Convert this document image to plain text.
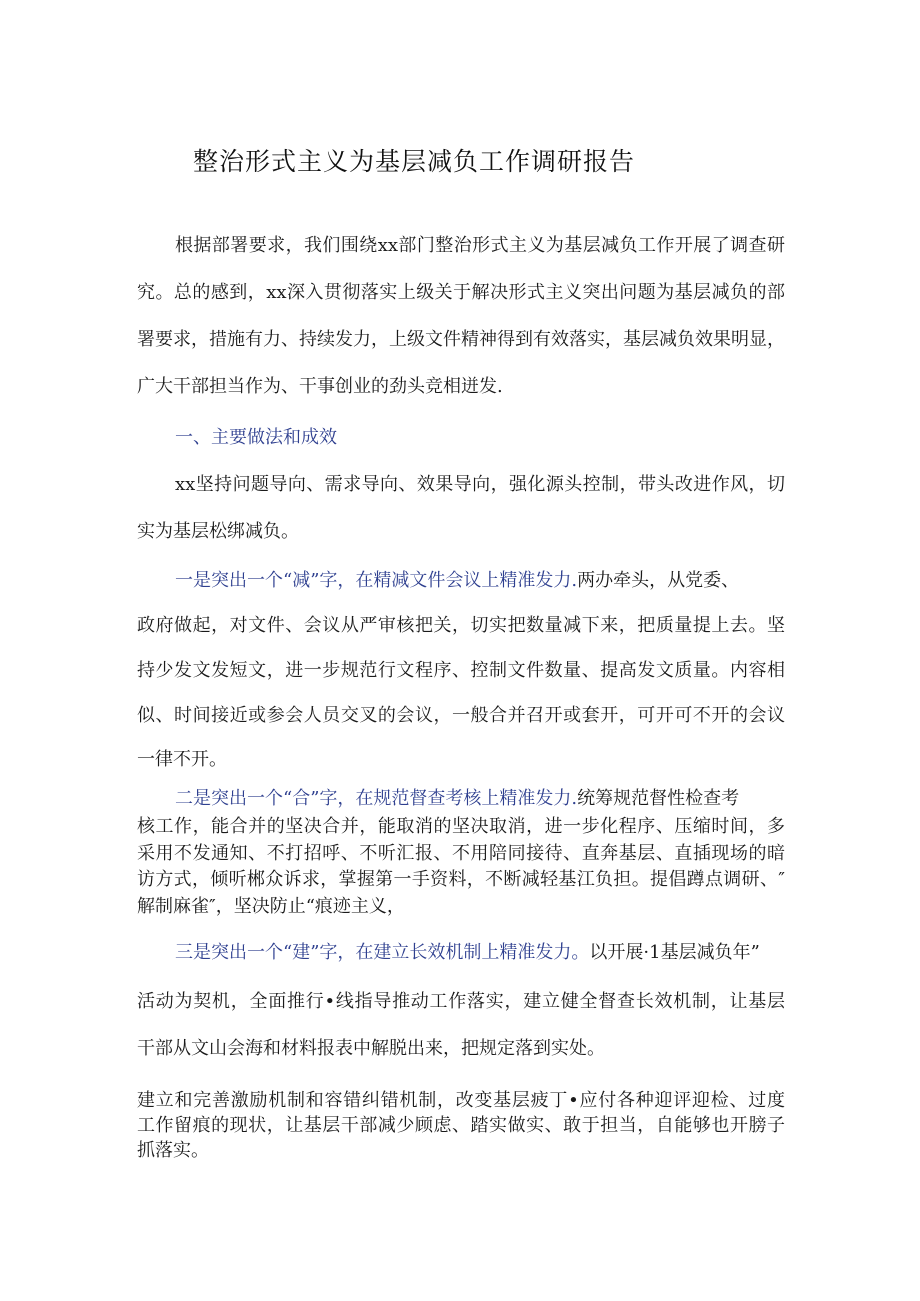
整治形式主义为基层减负工作调研报告
根据部署要求，我们围绕xx部门整治形式主义为基层减负工作开展了调查研
究。总的感到，xx深入贯彻落实上级关于解决形式主义突出问题为基层减负的部
署要求，措施有力、持续发力，上级文件精神得到有效落实，基层减负效果明显，
广大干部担当作为、干事创业的劲头竞相迸发.
一、主要做法和成效
xx坚持问题导向、需求导向、效果导向，强化源头控制，带头改进作风，切
实为基层松绑减负。
一是突出一个“减”字，在精减文件会议上精准发力.两办牵头，从党委、
政府做起，对文件、会议从严审核把关，切实把数量减下来，把质量提上去。坚
持少发文发短文，进一步规范行文程序、控制文件数量、提高发文质量。内容相
似、时间接近或参会人员交叉的会议，一般合并召开或套开，可开可不开的会议
一律不开。
二是突出一个“合”字，在规范督查考核上精准发力.统筹规范督性检查考
核工作，能合并的坚决合并，能取消的坚决取消，进一步化程序、压缩时间，多
采用不发通知、不打招呼、不听汇报、不用陪同接待、直奔基层、直插现场的暗
访方式，倾听郴众诉求，掌握第一手资料，不断减轻基江负担。提倡蹲点调研、″
解制麻雀″，坚决防止“痕迹主义，
三是突出一个“建”字，在建立长效机制上精准发力。以开展·1基层减负年”
活动为契机，全面推行•线指导推动工作落实，建立健全督查长效机制，让基层
干部从文山会海和材料报表中解脱出来，把规定落到实处。
建立和完善激励机制和容错纠错机制，改变基层疲丁•应付各种迎评迎检、过度
工作留痕的现状，让基层干部减少顾虑、踏实做实、敢于担当，自能够也开膀子
抓落实。
